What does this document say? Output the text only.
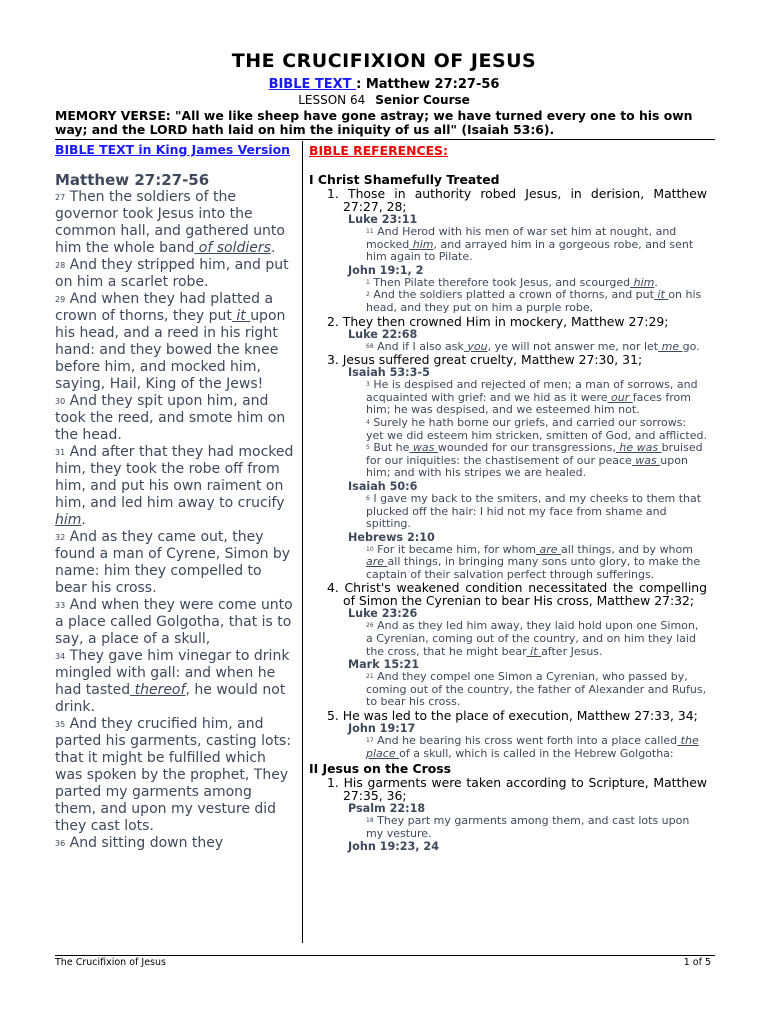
THE CRUCIFIXION OF JESUS
BIBLE TEXT : Matthew 27:27-56
LESSON 64 Senior Course
MEMORY VERSE: "All we like sheep have gone astray; we have turned every one to his own way; and the LORD hath laid on him the iniquity of us all" (Isaiah 53:6).
BIBLE TEXT in King James Version
Matthew 27:27-56

$^{27}$ Then the soldiers of the governor took Jesus into the common hall, and gathered unto him the whole band of soldiers.

$^{28}$ And they stripped him, and put on him a scarlet robe.

$^{29}$ And when they had platted a crown of thorns, they put it upon his head, and a reed in his right hand: and they bowed the knee before him, and mocked him, saying, Hail, King of the Jews!

$^{30}$ And they spit upon him, and took the reed, and smote him on the head.

$^{31}$ And after that they had mocked him, they took the robe off from him, and put his own raiment on him, and led him away to crucify him.

$^{32}$ And as they came out, they found a man of Cyrene, Simon by name: him they compelled to bear his cross.

$^{33}$ And when they were come unto a place called Golgotha, that is to say, a place of a skull,

$^{34}$ They gave him vinegar to drink mingled with gall: and when he had tasted thereof, he would not drink.

$^{35}$ And they crucified him, and parted his garments, casting lots: that it might be fulfilled which was spoken by the prophet, They parted my garments among them, and upon my vesture did they cast lots.

$^{36}$ And sitting down they

BIBLE REFERENCES:
I Christ Shamefully Treated
1. Those in authority robed Jesus, in derision, Matthew 27:27, 28;
Luke 23:11
$^{11}$ And Herod with his men of war set him at nought, and mocked him, and arrayed him in a gorgeous robe, and sent him again to Pilate.
John 19:1, 2
$^1$ Then Pilate therefore took Jesus, and scourged him.
$^2$ And the soldiers platted a crown of thorns, and put it on his head, and they put on him a purple robe,
2. They then crowned Him in mockery, Matthew 27:29;
Luke 22:68
$^{68}$ And if I also ask you, ye will not answer me, nor let me go.
3. Jesus suffered great cruelty, Matthew 27:30, 31;
Isaiah 53:3-5
$^3$ He is despised and rejected of men; a man of sorrows, and acquainted with grief: and we hid as it were our faces from him; he was despised, and we esteemed him not.
$^4$ Surely he hath borne our griefs, and carried our sorrows: yet we did esteem him stricken, smitten of God, and afflicted.
$^5$ But he was wounded for our transgressions, he was bruised for our iniquities: the chastisement of our peace was upon him; and with his stripes we are healed.
Isaiah 50:6
$^6$ I gave my back to the smiters, and my cheeks to them that plucked off the hair: I hid not my face from shame and spitting.
Hebrews 2:10
$^{10}$ For it became him, for whom are all things, and by whom are all things, in bringing many sons unto glory, to make the captain of their salvation perfect through sufferings.
4. Christ's weakened condition necessitated the compelling of Simon the Cyrenian to bear His cross, Matthew 27:32;
Luke 23:26
$^{26}$ And as they led him away, they laid hold upon one Simon, a Cyrenian, coming out of the country, and on him they laid the cross, that he might bear it after Jesus.
Mark 15:21
$^{21}$ And they compel one Simon a Cyrenian, who passed by, coming out of the country, the father of Alexander and Rufus, to bear his cross.
5. He was led to the place of execution, Matthew 27:33, 34;
John 19:17
$^{17}$ And he bearing his cross went forth into a place called the place of a skull, which is called in the Hebrew Golgotha:
II Jesus on the Cross
1. His garments were taken according to Scripture, Matthew 27:35, 36;
Psalm 22:18
$^{18}$ They part my garments among them, and cast lots upon my vesture.
John 19:23, 24
The Crucifixion of Jesus	1 of 5
